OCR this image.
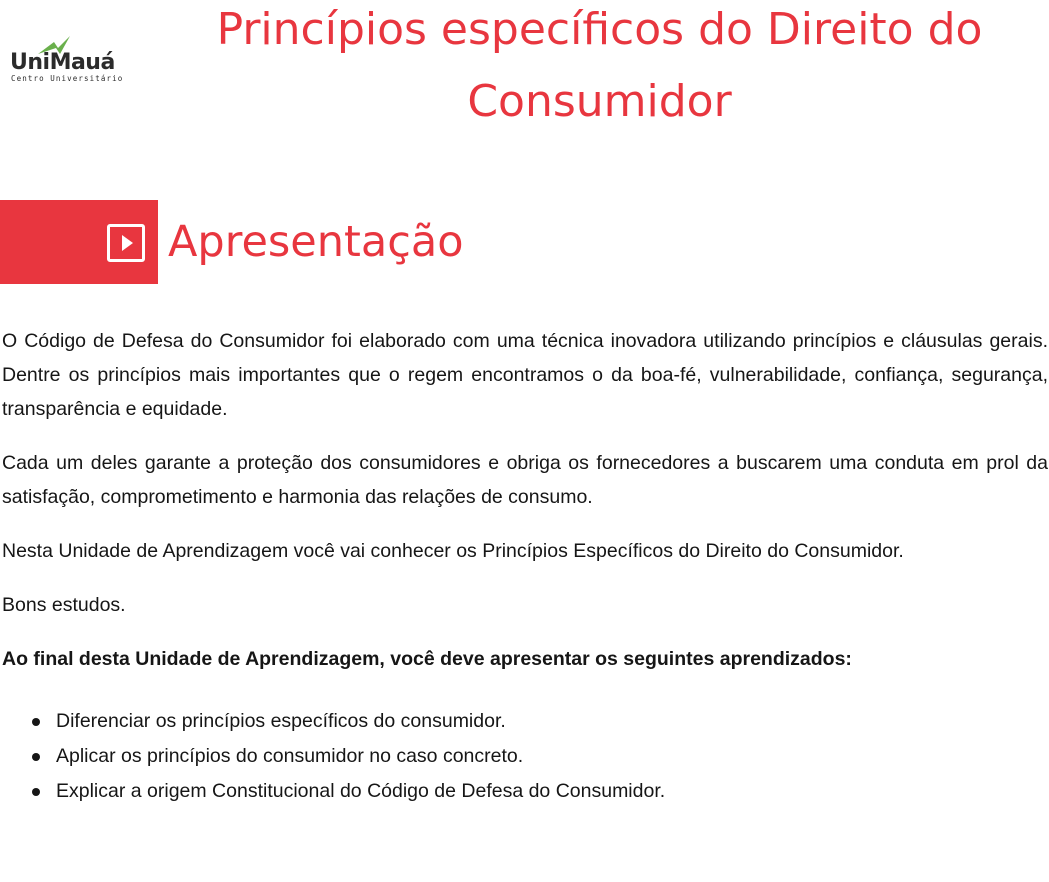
UniMauá
Centro Universitário
Princípios específicos do Direito do Consumidor
Apresentação

O Código de Defesa do Consumidor foi elaborado com uma técnica inovadora utilizando princípios e cláusulas gerais. Dentre os princípios mais importantes que o regem encontramos o da boa-fé, vulnerabilidade, confiança, segurança, transparência e equidade.

Cada um deles garante a proteção dos consumidores e obriga os fornecedores a buscarem uma conduta em prol da satisfação, comprometimento e harmonia das relações de consumo.

Nesta Unidade de Aprendizagem você vai conhecer os Princípios Específicos do Direito do Consumidor.

Bons estudos.

Ao final desta Unidade de Aprendizagem, você deve apresentar os seguintes aprendizados:

Diferenciar os princípios específicos do consumidor.
Aplicar os princípios do consumidor no caso concreto.
Explicar a origem Constitucional do Código de Defesa do Consumidor.
